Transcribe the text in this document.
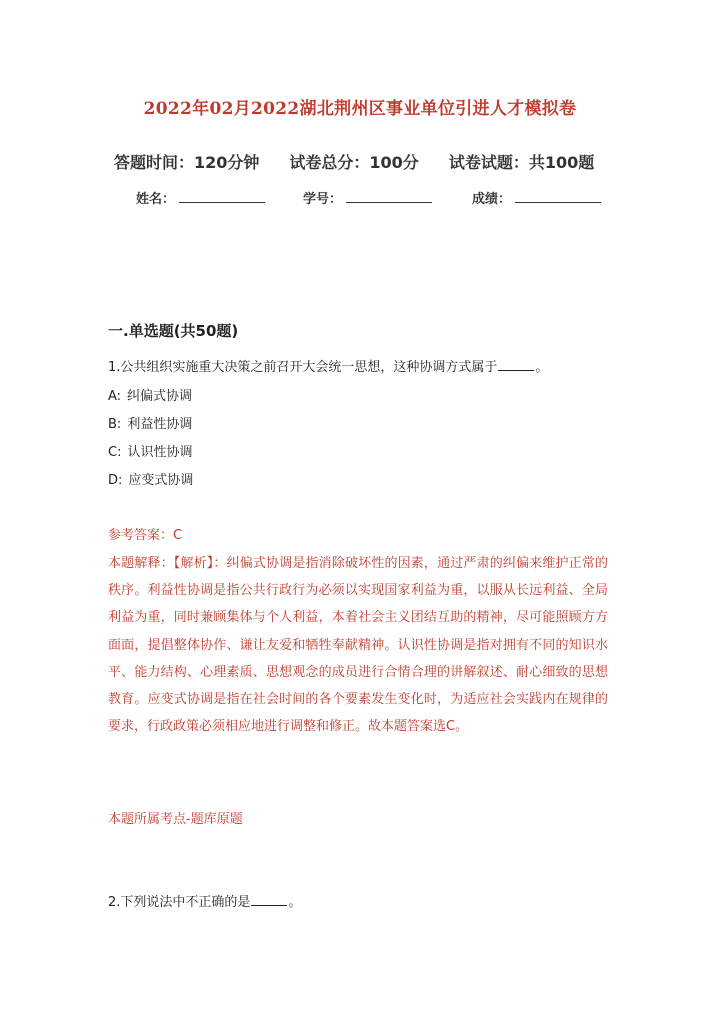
2022年02月2022湖北荆州区事业单位引进人才模拟卷
答题时间：120分钟 试卷总分：100分 试卷试题：共100题
姓名：	学号：	成绩：
一.单选题(共50题)
1.公共组织实施重大决策之前召开大会统一思想，这种协调方式属于	。
A: 纠偏式协调
B: 利益性协调
C: 认识性协调
D: 应变式协调
参考答案：C
本题解释：【解析】：纠偏式协调是指消除破坏性的因素，通过严肃的纠偏来维护正常的秩序。利益性协调是指公共行政行为必须以实现国家利益为重，以服从长远利益、全局利益为重，同时兼顾集体与个人利益，本着社会主义团结互助的精神，尽可能照顾方方面面，提倡整体协作、谦让友爱和牺牲奉献精神。认识性协调是指对拥有不同的知识水平、能力结构、心理素质、思想观念的成员进行合情合理的讲解叙述、耐心细致的思想教育。应变式协调是指在社会时间的各个要素发生变化时，为适应社会实践内在规律的要求，行政政策必须相应地进行调整和修正。故本题答案选C。
本题所属考点-题库原题
2.下列说法中不正确的是	。
